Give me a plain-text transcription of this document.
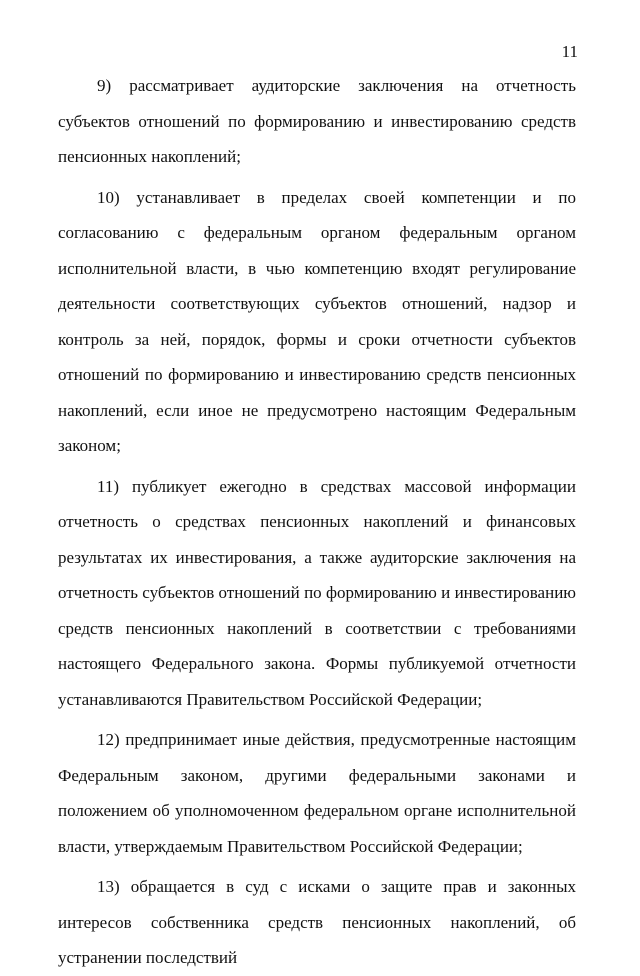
11

9) рассматривает аудиторские заключения на отчетность субъектов отношений по формированию и инвестированию средств пенсионных накоплений;

10) устанавливает в пределах своей компетенции и по согласованию с федеральным органом федеральным органом исполнительной власти, в чью компетенцию входят регулирование деятельности соответствующих субъектов отношений, надзор и контроль за ней, порядок, формы и сроки отчетности субъектов отношений по формированию и инвестированию средств пенсионных накоплений, если иное не предусмотрено настоящим Федеральным законом;

11) публикует ежегодно в средствах массовой информации отчетность о средствах пенсионных накоплений и финансовых результатах их инвестирования, а также аудиторские заключения на отчетность субъектов отношений по формированию и инвестированию средств пенсионных накоплений в соответствии с требованиями настоящего Федерального закона. Формы публикуемой отчетности устанавливаются Правительством Российской Федерации;

12) предпринимает иные действия, предусмотренные настоящим Федеральным законом, другими федеральными законами и положением об уполномоченном федеральном органе исполнительной власти, утверждаемым Правительством Российской Федерации;

13) обращается в суд с исками о защите прав и законных интересов собственника средств пенсионных накоплений, об устранении последствий
